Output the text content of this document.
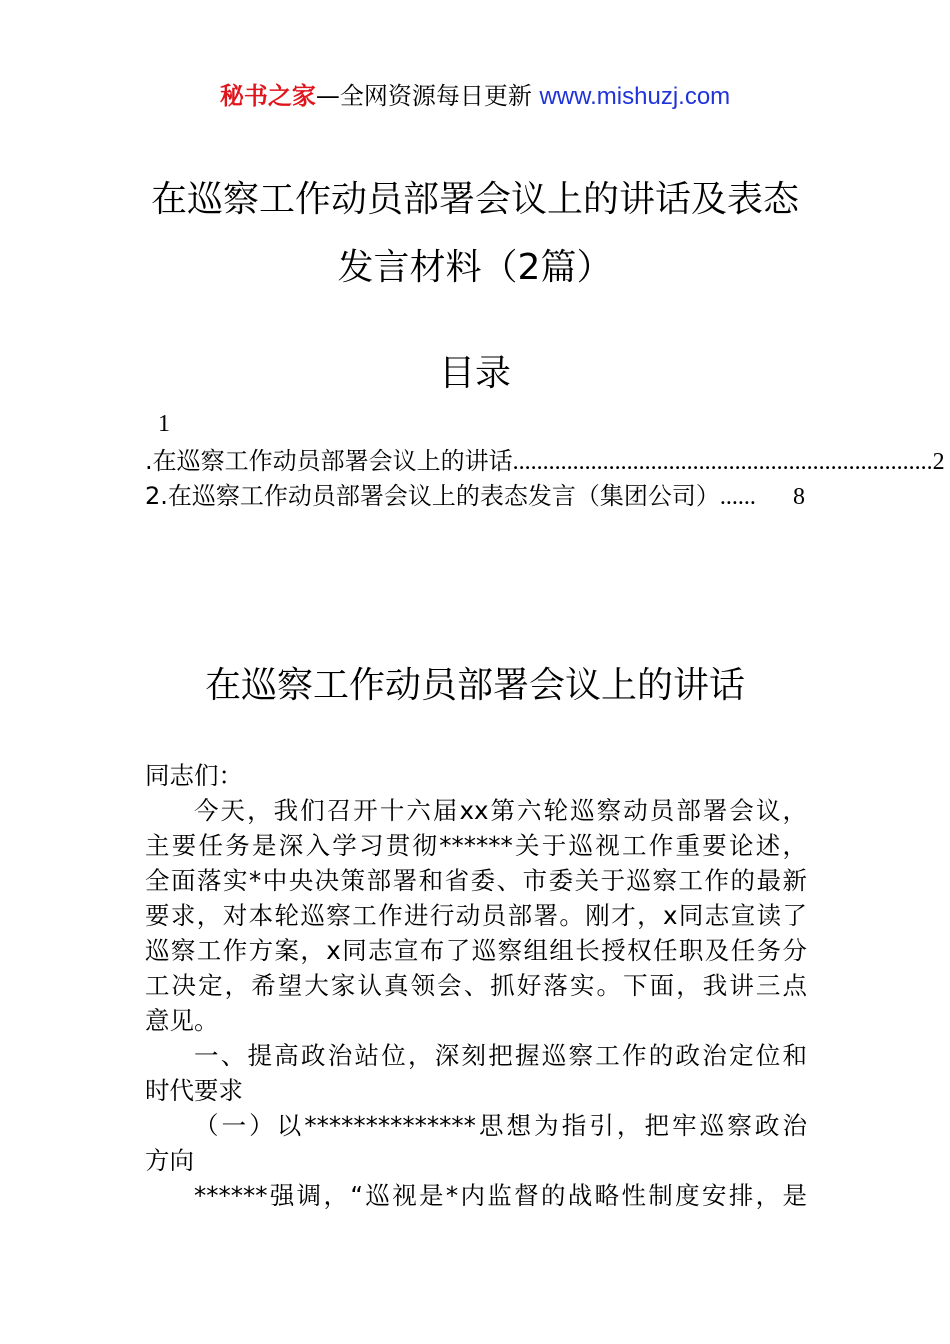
秘书之家—全网资源每日更新 www.mishuzj.com
在巡察工作动员部署会议上的讲话及表态
发言材料（2篇）
目录
1
.在巡察工作动员部署会议上的讲话 ...................................................................... 2
2.在巡察工作动员部署会议上的表态发言（集团公司） ......	8
在巡察工作动员部署会议上的讲话
同志们：
今天，我们召开十六届xx第六轮巡察动员部署会议，
主要任务是深入学习贯彻******关于巡视工作重要论述，
全面落实*中央决策部署和省委、市委关于巡察工作的最新
要求，对本轮巡察工作进行动员部署。刚才，x同志宣读了
巡察工作方案，x同志宣布了巡察组组长授权任职及任务分
工决定，希望大家认真领会、抓好落实。下面，我讲三点
意见。
一、提高政治站位，深刻把握巡察工作的政治定位和
时代要求
（一）以**************思想为指引，把牢巡察政治
方向
******强调，“巡视是*内监督的战略性制度安排，是
